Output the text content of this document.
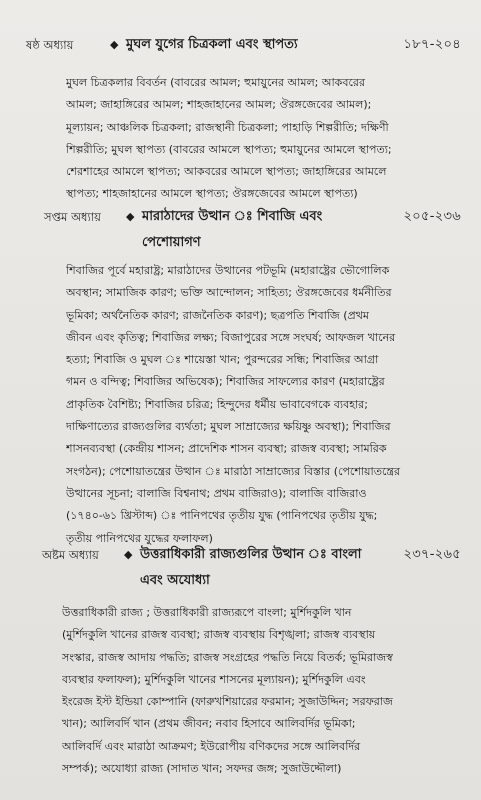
ষষ্ঠ অধ্যায়	◆ মুঘল যুগের চিত্রকলা এবং স্থাপত্য	১৮৭-২০৪
মুঘল চিত্রকলার বিবর্তন (বাবরের আমল; হুমায়ুনের আমল; আকবরের
আমল; জাহাঙ্গিরের আমল; শাহজাহানের আমল; ঔরঙ্গজেবের আমল);
মূল্যায়ন; আঞ্চলিক চিত্রকলা; রাজস্থানী চিত্রকলা; পাহাড়ি শিল্পরীতি; দক্ষিণী
শিল্পরীতি; মুঘল স্থাপত্য (বাবরের আমলে স্থাপত্য; হুমায়ুনের আমলে স্থাপত্য;
শেরশাহের আমলে স্থাপত্য; আকবরের আমলে স্থাপত্য; জাহাঙ্গিরের আমলে
স্থাপত্য; শাহজাহানের আমলে স্থাপত্য; ঔরঙ্গজেবের আমলে স্থাপত্য)
সপ্তম অধ্যায় ◆ মারাঠাদের উত্থান ঃ শিবাজি এবং	২০৫-২৩৬
পেশোয়াগণ
শিবাজির পূর্বে মহারাষ্ট্র; মারাঠাদের উত্থানের পটভূমি (মহারাষ্ট্রের ভৌগোলিক
অবস্থান; সামাজিক কারণ; ভক্তি আন্দোলন; সাহিত্য; ঔরঙ্গজেবের ধর্মনীতির
ভূমিকা; অর্থনৈতিক কারণ; রাজনৈতিক কারণ); ছত্রপতি শিবাজি (প্রথম
জীবন এবং কৃতিত্ব; শিবাজির লক্ষ্য; বিজাপুরের সঙ্গে সংঘর্ষ; আফজল খানের
হত্যা; শিবাজি ও মুঘল ঃ শায়েস্তা খান; পুরন্দরের সন্ধি; শিবাজির আগ্রা
গমন ও বন্দিত্ব; শিবাজির অভিষেক); শিবাজির সাফল্যের কারণ (মহারাষ্ট্রের
প্রাকৃতিক বৈশিষ্ট্য; শিবাজির চরিত্র; হিন্দুদের ধর্মীয় ভাবাবেগকে ব্যবহার;
দাক্ষিণাত্যের রাজ্যগুলির ব্যর্থতা; মুঘল সাম্রাজ্যের ক্ষয়িষ্ণু অবস্থা); শিবাজির
শাসনব্যবস্থা (কেন্দ্রীয় শাসন; প্রাদেশিক শাসন ব্যবস্থা; রাজস্ব ব্যবস্থা; সামরিক
সংগঠন); পেশোয়াতন্ত্রের উত্থান ঃ মারাঠা সাম্রাজ্যের বিস্তার (পেশোয়াতন্ত্রের
উত্থানের সূচনা; বালাজি বিশ্বনাথ; প্রথম বাজিরাও); বালাজি বাজিরাও
(১৭৪০-৬১ খ্রিস্টাব্দ) ঃ পানিপথের তৃতীয় যুদ্ধ (পানিপথের তৃতীয় যুদ্ধ;
তৃতীয় পানিপথের যুদ্ধের ফলাফল)
অষ্টম অধ্যায় ◆ উত্তরাধিকারী রাজ্যগুলির উত্থান ঃ বাংলা	২৩৭-২৬৫
এবং অযোধ্যা
উত্তরাধিকারী রাজ্য ; উত্তরাধিকারী রাজ্যরূপে বাংলা; মুর্শিদকুলি খান
(মুর্শিদকুলি খানের রাজস্ব ব্যবস্থা; রাজস্ব ব্যবস্থায় বিশৃঙ্খলা; রাজস্ব ব্যবস্থায়
সংস্কার, রাজস্ব আদায় পদ্ধতি; রাজস্ব সংগ্রহের পদ্ধতি নিয়ে বিতর্ক; ভূমিরাজস্ব
ব্যবস্থার ফলাফল); মুর্শিদকুলি খানের শাসনের মূল্যায়ন); মুর্শিদকুলি এবং
ইংরেজ ইস্ট ইন্ডিয়া কোম্পানি (ফারুখশিয়ারের ফরমান; সুজাউদ্দিন; সরফরাজ
খান); আলিবর্দি খান (প্রথম জীবন; নবাব হিসাবে আলিবর্দির ভূমিকা;
আলিবর্দি এবং মারাঠা আক্রমণ; ইউরোপীয় বণিকদের সঙ্গে আলিবর্দির
সম্পর্ক); অযোধ্যা রাজ্য (সাদাত খান; সফদর জঙ্গ; সুজাউদ্দৌলা)
